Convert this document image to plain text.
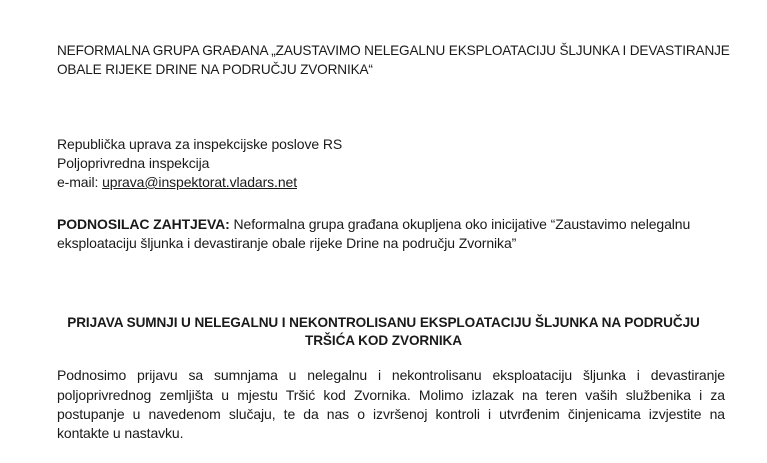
NEFORMALNA GRUPA GRAĐANA „ZAUSTAVIMO NELEGALNU EKSPLOATACIJU ŠLJUNKA I DEVASTIRANJE
OBALE RIJEKE DRINE NA PODRUČJU ZVORNIKA“
Republička uprava za inspekcijske poslove RS
Poljoprivredna inspekcija
e-mail: uprava@inspektorat.vladars.net
PODNOSILAC ZAHTJEVA: Neformalna grupa građana okupljena oko inicijative “Zaustavimo nelegalnu
eksploataciju šljunka i devastiranje obale rijeke Drine na području Zvornika”
PRIJAVA SUMNJI U NELEGALNU I NEKONTROLISANU EKSPLOATACIJU ŠLJUNKA NA PODRUČJU
TRŠIĆA KOD ZVORNIKA
Podnosimo prijavu sa sumnjama u nelegalnu i nekontrolisanu eksploataciju šljunka i devastiranje
poljoprivrednog zemljišta u mjestu Tršić kod Zvornika. Molimo izlazak na teren vaših službenika i za
postupanje u navedenom slučaju, te da nas o izvršenoj kontroli i utvrđenim činjenicama izvjestite na
kontakte u nastavku.
